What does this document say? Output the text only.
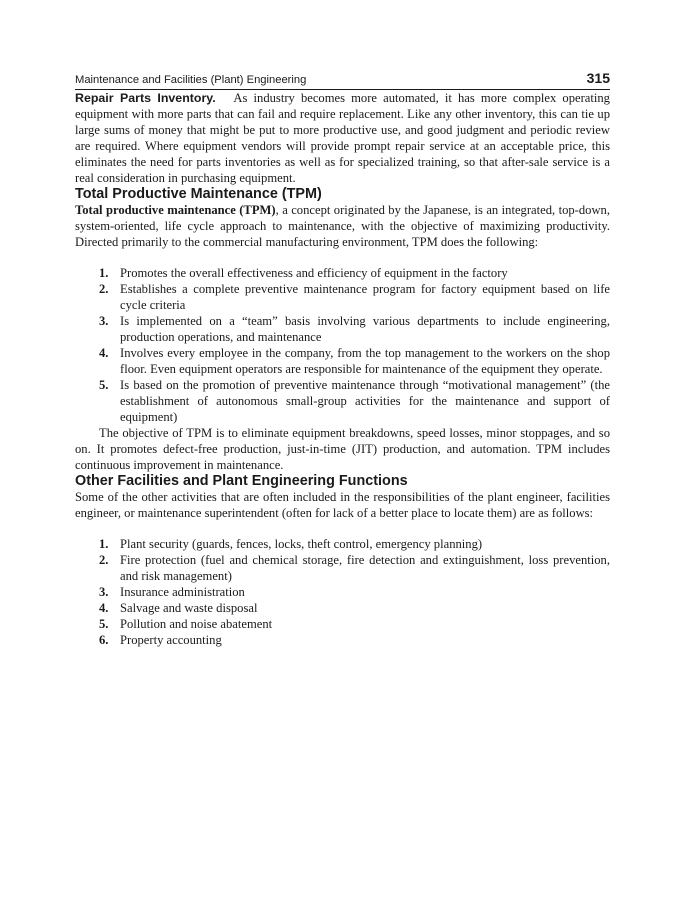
Maintenance and Facilities (Plant) Engineering	315

Repair Parts Inventory. As industry becomes more automated, it has more complex operating equipment with more parts that can fail and require replacement. Like any other inventory, this can tie up large sums of money that might be put to more productive use, and good judgment and periodic review are required. Where equipment vendors will provide prompt repair service at an acceptable price, this eliminates the need for parts inventories as well as for specialized training, so that after-sale service is a real consideration in purchasing equipment.

Total Productive Maintenance (TPM)

Total productive maintenance (TPM), a concept originated by the Japanese, is an integrated, top-down, system-oriented, life cycle approach to maintenance, with the objective of maximizing productivity. Directed primarily to the commercial manufacturing environment, TPM does the following:

1. Promotes the overall effectiveness and efficiency of equipment in the factory
2. Establishes a complete preventive maintenance program for factory equipment based on life cycle criteria
3. Is implemented on a “team” basis involving various departments to include engineering, production operations, and maintenance
4. Involves every employee in the company, from the top management to the workers on the shop floor. Even equipment operators are responsible for maintenance of the equipment they operate.
5. Is based on the promotion of preventive maintenance through “motivational management” (the establishment of autonomous small-group activities for the maintenance and support of equipment)

The objective of TPM is to eliminate equipment breakdowns, speed losses, minor stoppages, and so on. It promotes defect-free production, just-in-time (JIT) production, and automation. TPM includes continuous improvement in maintenance.

Other Facilities and Plant Engineering Functions

Some of the other activities that are often included in the responsibilities of the plant engineer, facilities engineer, or maintenance superintendent (often for lack of a better place to locate them) are as follows:

1. Plant security (guards, fences, locks, theft control, emergency planning)
2. Fire protection (fuel and chemical storage, fire detection and extinguishment, loss prevention, and risk management)
3. Insurance administration
4. Salvage and waste disposal
5. Pollution and noise abatement
6. Property accounting
